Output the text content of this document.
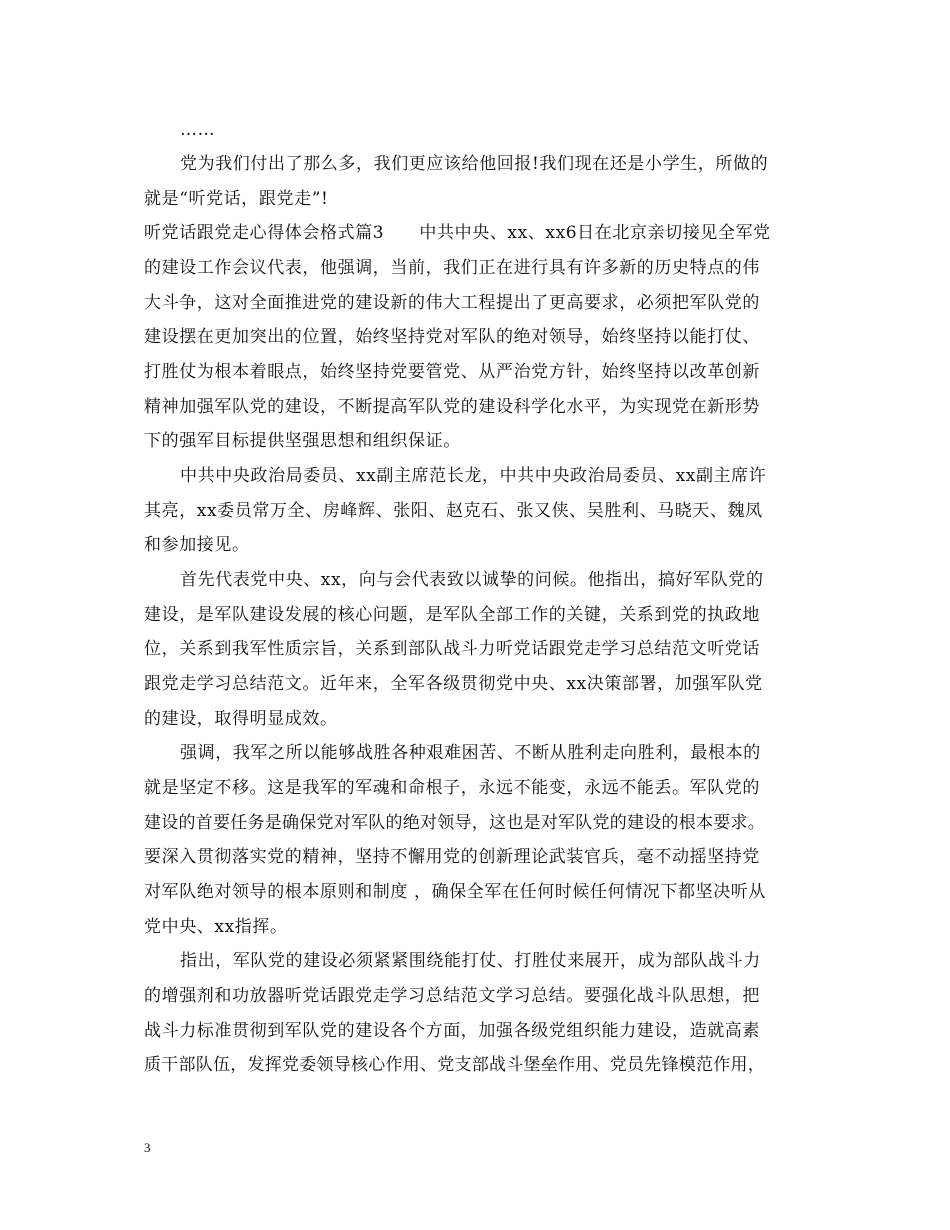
……
党为我们付出了那么多，我们更应该给他回报!我们现在还是小学生，所做的
就是“听党话，跟党走”!
听党话跟党走心得体会格式篇3　　中共中央、xx、xx6日在北京亲切接见全军党
的建设工作会议代表，他强调，当前，我们正在进行具有许多新的历史特点的伟
大斗争，这对全面推进党的建设新的伟大工程提出了更高要求，必须把军队党的
建设摆在更加突出的位置，始终坚持党对军队的绝对领导，始终坚持以能打仗、
打胜仗为根本着眼点，始终坚持党要管党、从严治党方针，始终坚持以改革创新
精神加强军队党的建设，不断提高军队党的建设科学化水平，为实现党在新形势
下的强军目标提供坚强思想和组织保证。
中共中央政治局委员、xx副主席范长龙，中共中央政治局委员、xx副主席许
其亮，xx委员常万全、房峰辉、张阳、赵克石、张又侠、吴胜利、马晓天、魏凤
和参加接见。
首先代表党中央、xx，向与会代表致以诚挚的问候。他指出，搞好军队党的
建设，是军队建设发展的核心问题，是军队全部工作的关键，关系到党的执政地
位，关系到我军性质宗旨，关系到部队战斗力听党话跟党走学习总结范文听党话
跟党走学习总结范文。近年来，全军各级贯彻党中央、xx决策部署，加强军队党
的建设，取得明显成效。
强调，我军之所以能够战胜各种艰难困苦、不断从胜利走向胜利，最根本的
就是坚定不移。这是我军的军魂和命根子，永远不能变，永远不能丢。军队党的
建设的首要任务是确保党对军队的绝对领导，这也是对军队党的建设的根本要求。
要深入贯彻落实党的精神，坚持不懈用党的创新理论武装官兵，毫不动摇坚持党
对军队绝对领导的根本原则和制度 ，确保全军在任何时候任何情况下都坚决听从
党中央、xx指挥。
指出，军队党的建设必须紧紧围绕能打仗、打胜仗来展开，成为部队战斗力
的增强剂和功放器听党话跟党走学习总结范文学习总结。要强化战斗队思想，把
战斗力标准贯彻到军队党的建设各个方面，加强各级党组织能力建设，造就高素
质干部队伍，发挥党委领导核心作用、党支部战斗堡垒作用、党员先锋模范作用，
3
